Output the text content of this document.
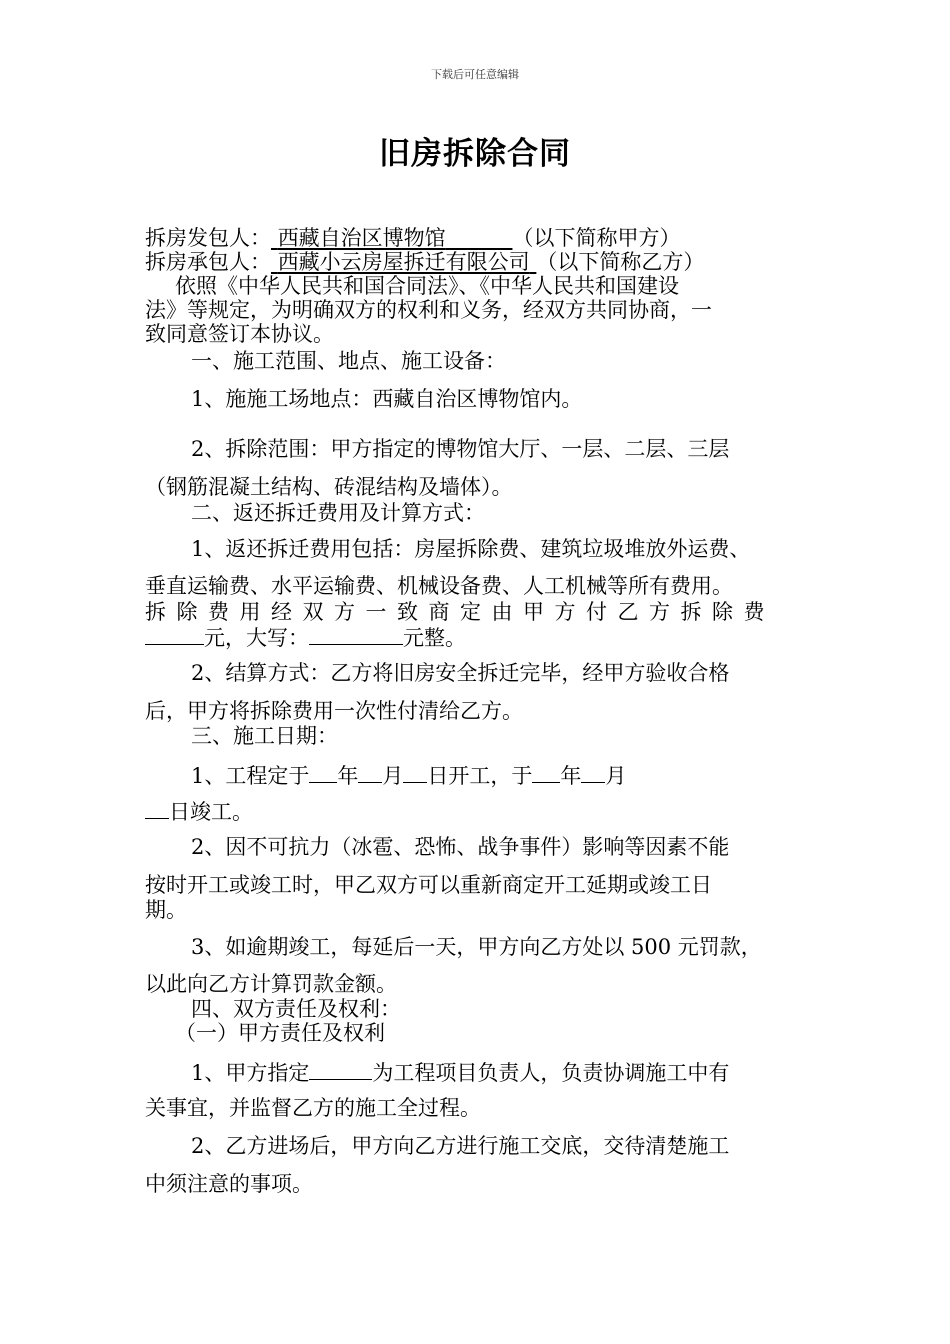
下载后可任意编辑
旧房拆除合同
拆房发包人： 西藏自治区博物馆	（以下简称甲方）
拆房承包人： 西藏小云房屋拆迁有限公司 （以下简称乙方）
依照《中华人民共和国合同法》、《中华人民共和国建设
法》等规定，为明确双方的权利和义务，经双方共同协商，一
致同意签订本协议。
一、施工范围、地点、施工设备：
1、施施工场地点：西藏自治区博物馆内。
2、拆除范围：甲方指定的博物馆大厅、一层、二层、三层
（钢筋混凝土结构、砖混结构及墙体）。
二、返还拆迁费用及计算方式：
1、返还拆迁费用包括：房屋拆除费、建筑垃圾堆放外运费、
垂直运输费、水平运输费、机械设备费、人工机械等所有费用。
拆除费用经双方一致商定由甲方付乙方拆除费
元，大写：	元整。
2、结算方式：乙方将旧房安全拆迁完毕，经甲方验收合格
后，甲方将拆除费用一次性付清给乙方。
三、施工日期：
1、工程定于 年 月 日开工，于 年 月
日竣工。
2、因不可抗力（冰雹、恐怖、战争事件）影响等因素不能
按时开工或竣工时，甲乙双方可以重新商定开工延期或竣工日
期。
3、如逾期竣工，每延后一天，甲方向乙方处以 500 元罚款，
以此向乙方计算罚款金额。
四、双方责任及权利：
（一）甲方责任及权利
1、甲方指定	为工程项目负责人，负责协调施工中有
关事宜，并监督乙方的施工全过程。
2、乙方进场后，甲方向乙方进行施工交底，交待清楚施工
中须注意的事项。
